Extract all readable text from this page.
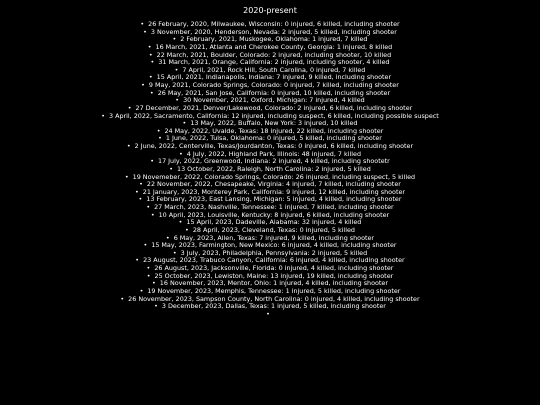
2020-present
• 26 February, 2020, Milwaukee, Wisconsin: 0 injured, 6 killed, including shooter
• 3 November, 2020, Henderson, Nevada: 2 injured, 5 killed, including shooter
• 2 February, 2021, Muskogee, Oklahoma: 1 injured, 7 killed
• 16 March, 2021, Atlanta and Cherokee County, Georgia: 1 injured, 8 killed
• 22 March, 2021, Boulder, Colorado: 2 injured, including shooter, 10 killed
• 31 March, 2021, Orange, California: 2 injured, including shooter, 4 killed
• 7 April, 2021, Rock Hill, South Carolina, 0 injured, 7 killed
• 15 April, 2021, Indianapolis, Indiana: 7 injured, 9 killed, including shooter
• 9 May, 2021, Colorado Springs, Colorado: 0 injured, 7 killed, including shooter
• 26 May, 2021, San Jose, California: 0 injured, 10 killed, including shooter
• 30 November, 2021, Oxford, Michigan: 7 injured, 4 killed
• 27 December, 2021, Denver/Lakewood, Colorado: 2 injured, 6 killed, including shooter
• 3 April, 2022, Sacramento, California: 12 injured, including suspect, 6 killed, including possible suspect
• 13 May, 2022, Buffalo, New York: 3 injured, 10 killed
• 24 May, 2022, Uvalde, Texas: 18 injured, 22 killed, including shooter
• 1 June, 2022, Tulsa, Oklahoma: 0 injured, 5 killed, including shooter
• 2 June, 2022, Centerville, Texas/Jourdanton, Texas: 0 injured, 6 killed, including shooter
• 4 July, 2022, Highland Park, Illinois: 48 injured, 7 killed
• 17 July, 2022, Greenwood, Indiana: 2 injured, 4 killed, including shootetr
• 13 October, 2022, Raleigh, North Carolina: 2 injured, 5 killed
• 19 Novemeber, 2022, Colorado Springs, Colorado: 26 injured, including suspect, 5 killed
• 22 November, 2022, Chesapeake, Virginia: 4 injured, 7 killed, including shooter
• 21 January, 2023, Monterey Park, California: 9 injured, 12 killed, including shooter
• 13 February, 2023, East Lansing, Michigan: 5 injured, 4 killed, including shooter
• 27 March, 2023, Nashville, Tennessee: 1 injured, 7 killed, including shooter
• 10 April, 2023, Louisville, Kentucky: 8 injured, 6 killed, including shooter
• 15 April, 2023, Dadeville, Alabama: 32 injured, 4 killed
• 28 April, 2023, Cleveland, Texas: 0 injured, 5 killed
• 6 May, 2023, Allen, Texas: 7 injured, 9 killed, including shooter
• 15 May, 2023, Farmington, New Mexico: 6 injured, 4 killed, including shooter
• 3 July, 2023, Philadelphia, Pennsylvania: 2 injured, 5 killed
• 23 August, 2023, Trabuco Canyon, California: 6 injured, 4 killed, including shooter
• 26 August, 2023, Jacksonville, Florida: 0 injured, 4 killed, including shooter
• 25 October, 2023, Lewiston, Maine: 13 injured, 19 killed, including shooter
• 16 November, 2023, Mentor, Ohio: 1 injured, 4 killed, including shooter
• 19 November, 2023, Memphis, Tennessee: 1 injured, 5 killed, including shooter
• 26 November, 2023, Sampson County, North Carolina: 0 injured, 4 killed, including shooter
• 3 December, 2023, Dallas, Texas: 1 injured, 5 killed, including shooter
•
